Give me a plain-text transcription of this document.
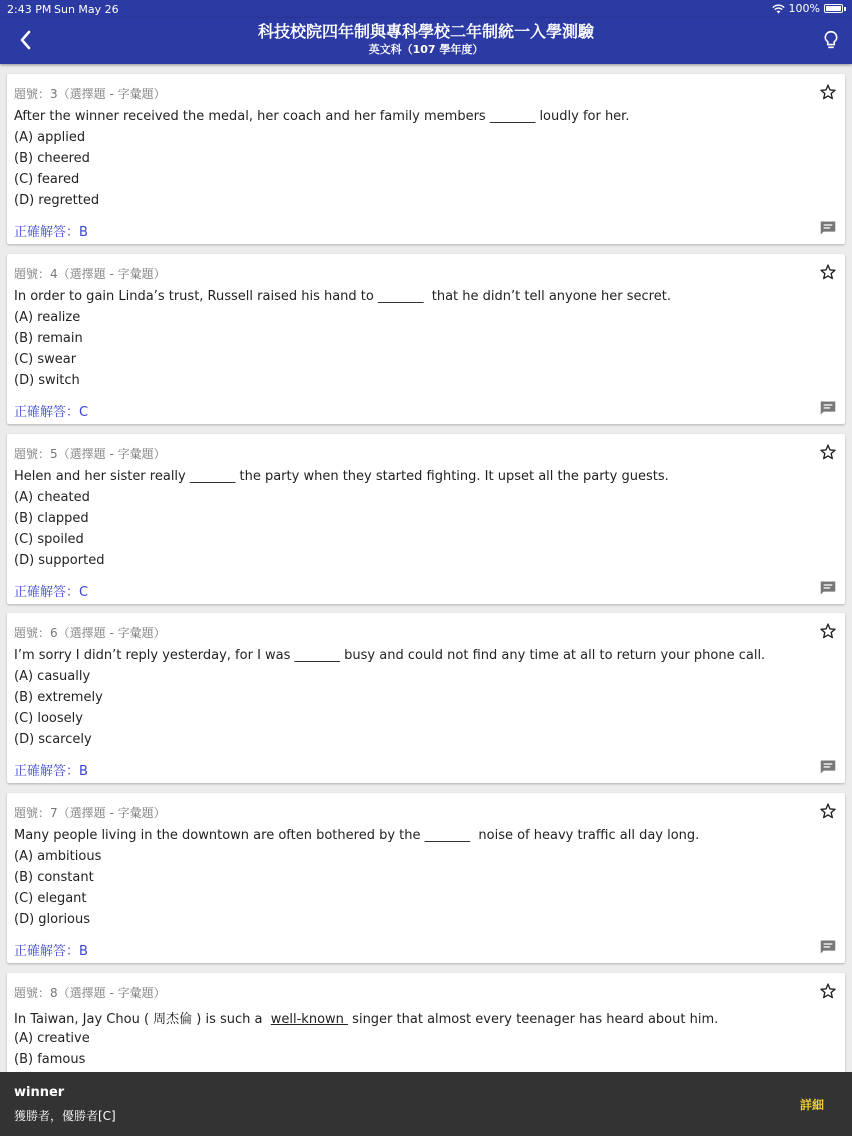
2:43 PM Sun May 26	100%
科技校院四年制與專科學校二年制統一入學測驗
英文科（107 學年度）
題號：3（選擇題 - 字彙題）
After the winner received the medal, her coach and her family members _______ loudly for her.
(A) applied
(B) cheered
(C) feared
(D) regretted
正確解答：B
題號：4（選擇題 - 字彙題）
In order to gain Linda’s trust, Russell raised his hand to _______  that he didn’t tell anyone her secret.
(A) realize
(B) remain
(C) swear
(D) switch
正確解答：C
題號：5（選擇題 - 字彙題）
Helen and her sister really _______ the party when they started fighting. It upset all the party guests.
(A) cheated
(B) clapped
(C) spoiled
(D) supported
正確解答：C
題號：6（選擇題 - 字彙題）
I’m sorry I didn’t reply yesterday, for I was _______ busy and could not find any time at all to return your phone call.
(A) casually
(B) extremely
(C) loosely
(D) scarcely
正確解答：B
題號：7（選擇題 - 字彙題）
Many people living in the downtown are often bothered by the _______  noise of heavy traffic all day long.
(A) ambitious
(B) constant
(C) elegant
(D) glorious
正確解答：B
題號：8（選擇題 - 字彙題）
In Taiwan, Jay Chou ( 周杰倫 ) is such a  well-known  singer that almost every teenager has heard about him.
(A) creative
(B) famous
winner
獲勝者，優勝者[C]
詳細
